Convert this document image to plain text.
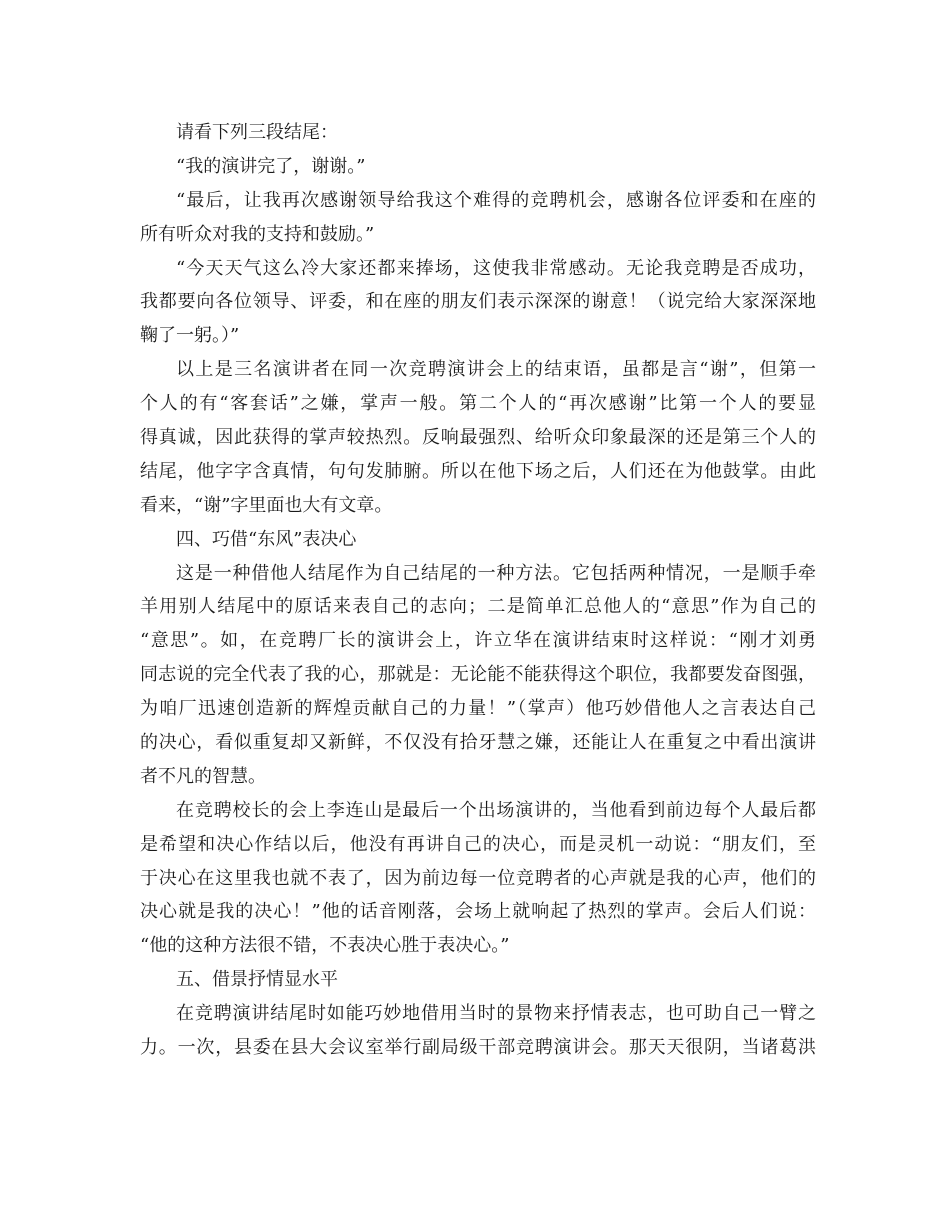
请看下列三段结尾：
“我的演讲完了，谢谢。”
“最后，让我再次感谢领导给我这个难得的竞聘机会，感谢各位评委和在座的
所有听众对我的支持和鼓励。”
“今天天气这么冷大家还都来捧场，这使我非常感动。无论我竞聘是否成功，
我都要向各位领导、评委，和在座的朋友们表示深深的谢意！（说完给大家深深地
鞠了一躬。）”
以上是三名演讲者在同一次竞聘演讲会上的结束语，虽都是言“谢”，但第一
个人的有“客套话”之嫌，掌声一般。第二个人的“再次感谢”比第一个人的要显
得真诚，因此获得的掌声较热烈。反响最强烈、给听众印象最深的还是第三个人的
结尾，他字字含真情，句句发肺腑。所以在他下场之后，人们还在为他鼓掌。由此
看来，“谢”字里面也大有文章。
四、巧借“东风”表决心
这是一种借他人结尾作为自己结尾的一种方法。它包括两种情况，一是顺手牵
羊用别人结尾中的原话来表自己的志向；二是简单汇总他人的“意思”作为自己的
“意思”。如，在竞聘厂长的演讲会上，许立华在演讲结束时这样说：“刚才刘勇
同志说的完全代表了我的心，那就是：无论能不能获得这个职位，我都要发奋图强，
为咱厂迅速创造新的辉煌贡献自己的力量！”（掌声）他巧妙借他人之言表达自己
的决心，看似重复却又新鲜，不仅没有拾牙慧之嫌，还能让人在重复之中看出演讲
者不凡的智慧。
在竞聘校长的会上李连山是最后一个出场演讲的，当他看到前边每个人最后都
是希望和决心作结以后，他没有再讲自己的决心，而是灵机一动说：“朋友们，至
于决心在这里我也就不表了，因为前边每一位竞聘者的心声就是我的心声，他们的
决心就是我的决心！”他的话音刚落，会场上就响起了热烈的掌声。会后人们说：
“他的这种方法很不错，不表决心胜于表决心。”
五、借景抒情显水平
在竞聘演讲结尾时如能巧妙地借用当时的景物来抒情表志，也可助自己一臂之
力。一次，县委在县大会议室举行副局级干部竞聘演讲会。那天天很阴，当诸葛洪
